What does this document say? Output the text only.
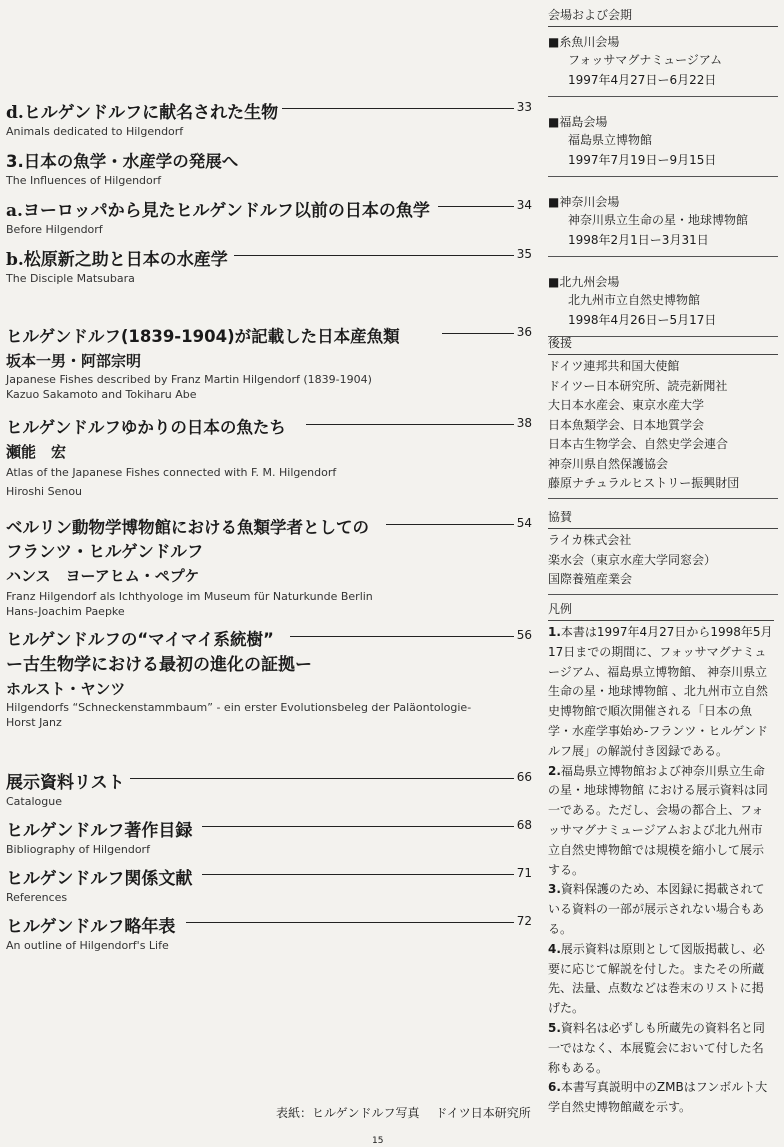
d.ヒルゲンドルフに献名された生物	33
Animals dedicated to Hilgendorf
3.日本の魚学・水産学の発展へ
The Influences of Hilgendorf
a.ヨーロッパから見たヒルゲンドルフ以前の日本の魚学	34
Before Hilgendorf
b.松原新之助と日本の水産学	35
The Disciple Matsubara
ヒルゲンドルフ(1839-1904)が記載した日本産魚類	36
坂本一男・阿部宗明
Japanese Fishes described by Franz Martin Hilgendorf (1839-1904)
Kazuo Sakamoto and Tokiharu Abe
ヒルゲンドルフゆかりの日本の魚たち	38
瀬能　宏
Atlas of the Japanese Fishes connected with F. M. Hilgendorf
Hiroshi Senou
ベルリン動物学博物館における魚類学者としての	54
フランツ・ヒルゲンドルフ
ハンス　ヨーアヒム・ペプケ
Franz Hilgendorf als Ichthyologe im Museum für Naturkunde Berlin
Hans-Joachim Paepke
ヒルゲンドルフの“マイマイ系統樹”	56
ー古生物学における最初の進化の証拠ー
ホルスト・ヤンツ
Hilgendorfs “Schneckenstammbaum” - ein erster Evolutionsbeleg der Paläontologie-
Horst Janz
展示資料リスト	66
Catalogue
ヒルゲンドルフ著作目録	68
Bibliography of Hilgendorf
ヒルゲンドルフ関係文献	71
References
ヒルゲンドルフ略年表	72
An outline of Hilgendorf's Life
会場および会期
■糸魚川会場
フォッサマグナミュージアム
1997年4月27日ー6月22日
■福島会場
福島県立博物館
1997年7月19日ー9月15日
■神奈川会場
神奈川県立生命の星・地球博物館
1998年2月1日ー3月31日
■北九州会場
北九州市立自然史博物館
1998年4月26日ー5月17日
後援
ドイツ連邦共和国大使館
ドイツー日本研究所、読売新聞社
大日本水産会、東京水産大学
日本魚類学会、日本地質学会
日本古生物学会、自然史学会連合
神奈川県自然保護協会
藤原ナチュラルヒストリー振興財団
協賛
ライカ株式会社
楽水会（東京水産大学同窓会）
国際養殖産業会
凡例
1.本書は1997年4月27日から1998年5月17日までの期間に、フォッサマグナミュージアム、福島県立博物館、 神奈川県立生命の星・地球博物館 、北九州市立自然史博物館で順次開催される「日本の魚学・水産学事始め-フランツ・ヒルゲンドルフ展」の解説付き図録である。
2.福島県立博物館および神奈川県立生命の星・地球博物館 における展示資料は同一である。ただし、会場の都合上、フォッサマグナミュージアムおよび北九州市立自然史博物館では規模を縮小して展示する。
3.資料保護のため、本図録に掲載されている資料の一部が展示されない場合もある。
4.展示資料は原則として図版掲載し、必要に応じて解説を付した。またその所蔵先、法量、点数などは巻末のリストに掲げた。
5.資料名は必ずしも所蔵先の資料名と同一ではなく、本展覧会において付した名称もある。
6.本書写真説明中のZMBはフンボルト大学自然史博物館蔵を示す。
表紙：ヒルゲンドルフ写真　 ドイツ日本研究所
15
